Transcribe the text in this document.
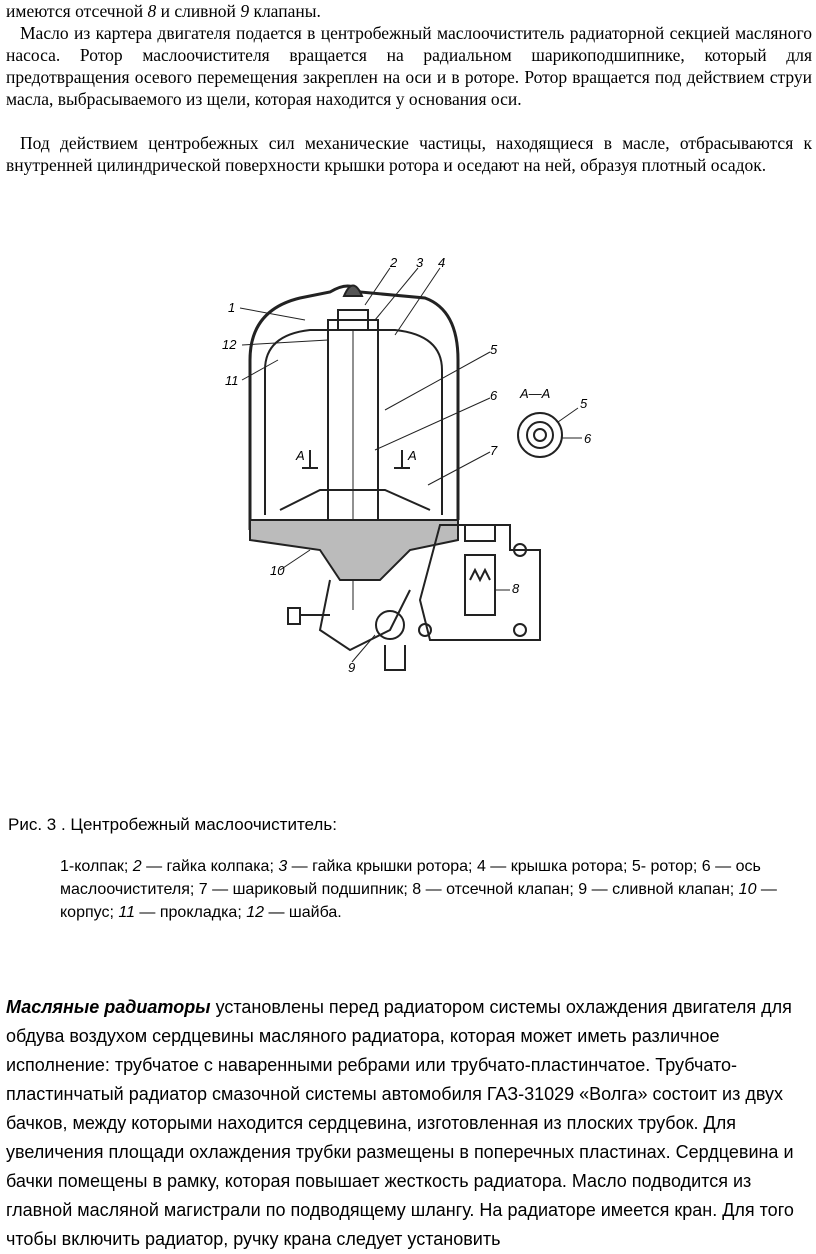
имеются отсечной 8 и сливной 9 клапаны.
Масло из картера двигателя подается в центробежный маслоочиститель радиаторной секцией масляного насоса. Ротор маслоочистителя вращается на радиальном шарикоподшипнике, который для предотвращения осевого перемещения закреплен на оси и в роторе. Ротор вращается под действием струи масла, выбрасываемого из щели, которая находится у основания оси.
Под действием центробежных сил механические частицы, находящиеся в масле, отбрасываются к внутренней цилиндрической поверхности крышки ротора и оседают на ней, образуя плотный осадок.
1
2 3 4
5
6
7
8
9
10
11
12
А—А
А	А
5
6
Рис. 3 . Центробежный маслоочиститель:
1-колпак; 2 — гайка колпака; 3 — гайка крышки ротора; 4 — крышка ротора; 5- ротор; 6 — ось маслоочистителя; 7 — шариковый подшипник; 8 — отсечной клапан; 9 — сливной клапан; 10 — корпус; 11 — прокладка; 12 — шайба.
Масляные радиаторы установлены перед радиатором системы охлаждения двигателя для обдува воздухом сердцевины масляного радиатора, которая может иметь различное исполнение: трубчатое с наваренными ребрами или трубчато-пластинчатое. Трубчато-пластинчатый радиатор смазочной системы автомобиля ГАЗ-31029 «Волга» состоит из двух бачков, между которыми находится сердцевина, изготовленная из плоских трубок. Для увеличения площади охлаждения трубки размещены в поперечных пластинах. Сердцевина и бачки помещены в рамку, которая повышает жесткость радиатора. Масло подводится из главной масляной магистрали по подводящему шлангу. На радиаторе имеется кран. Для того чтобы включить радиатор, ручку крана следует установить
